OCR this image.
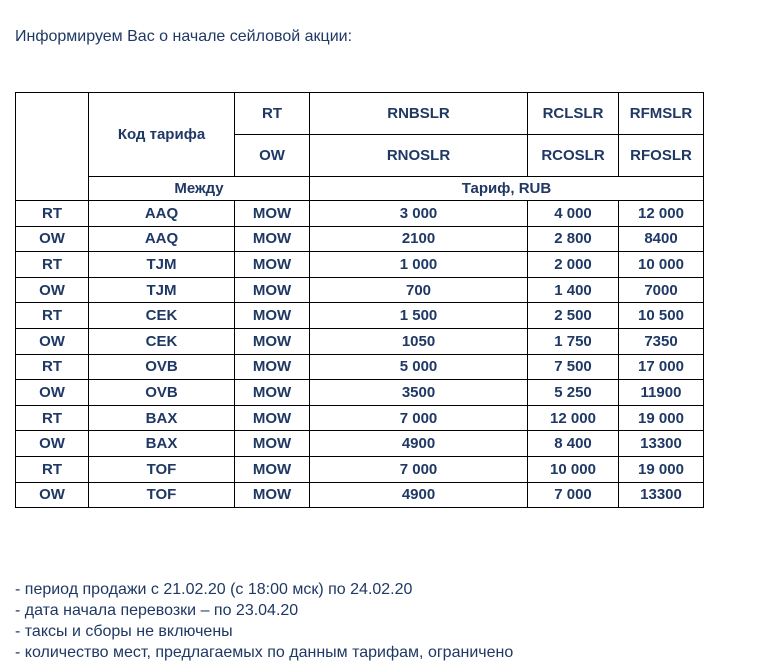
Информируем Вас о начале сейловой акции:
	Код тарифа	RT	RNBSLR	RCLSLR	RFMSLR
		OW	RNOSLR	RCOSLR	RFOSLR
	Между		Тариф, RUB		
RT	AAQ	MOW	3 000	4 000	12 000
OW	AAQ	MOW	2100	2 800	8400
RT	TJM	MOW	1 000	2 000	10 000
OW	TJM	MOW	700	1 400	7000
RT	CEK	MOW	1 500	2 500	10 500
OW	CEK	MOW	1050	1 750	7350
RT	OVB	MOW	5 000	7 500	17 000
OW	OVB	MOW	3500	5 250	11900
RT	BAX	MOW	7 000	12 000	19 000
OW	BAX	MOW	4900	8 400	13300
RT	TOF	MOW	7 000	10 000	19 000
OW	TOF	MOW	4900	7 000	13300
- период продажи с 21.02.20 (с 18:00 мск) по 24.02.20
- дата начала перевозки – по 23.04.20
- таксы и сборы не включены
- количество мест, предлагаемых по данным тарифам, ограничено
